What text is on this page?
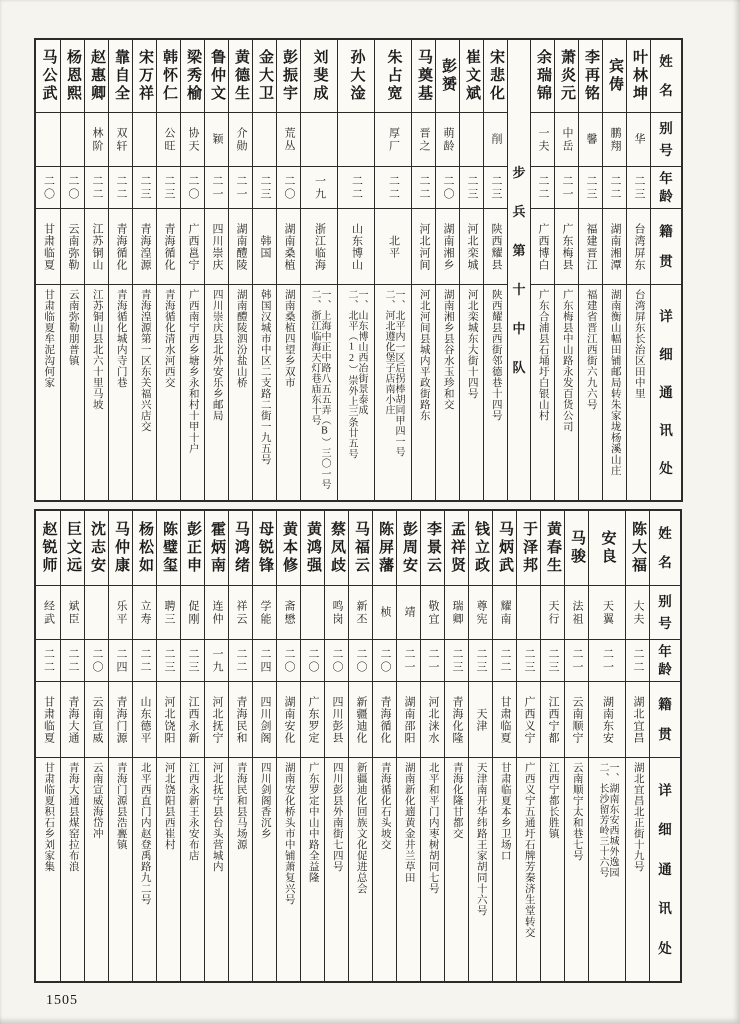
姓
名
别
号
年
龄
籍
贯
详
细
通
讯
处
叶林坤
华
二三
台湾屏东
台湾屏东长治区田中里
宾俦
鹏翔
二二
湖南湘潭
湖南衡山幅田铺邮局转朱家垅杨溪山庄
李再铭
馨
二三
福建晋江
福建省晋江西街六九六号
萧炎元
中岳
二一
广东梅县
广东梅县中山路永发百货公司
余瑞锦
一夫
二二
广西博白
广东合浦县石埇圩白银山村
步
兵
第
十
中
队
宋悲化
削
二三
陕西耀县
陕西耀县西街邻德巷十四号
崔文斌
二三
河北栾城
河北栾城东大街十四号
彭赟
萌龄
二〇
湖南湘乡
湖南湘乡县谷水玉珍和交
马奠基
晋之
二二
河北河间
河北河间县城内平政街路东
朱占宽
厚厂
二二
北平
一、北平内一区后拐棒胡同甲四一号
二、河北遵化堡子店南小庄
孙大淦
二二
山东博山
一、山东博山西冶街景泰成
二、北平（12）崇外上三条廿五号
刘斐成
一九
浙江临海
一、上海中正中路八五五弄（B）三〇一号
二、浙江临海天灯巷庙东十号
彭振宇
荒丛
二〇
湖南桑植
湖南桑植四望乡双市
金大卫
二三
韩国
韩国汉城市中区二支路二街一九五号
黄德生
介勋
二一
湖南醴陵
湖南醴陵泗汾盐山桥
鲁仲文
颖
二一
四川崇庆
四川崇庆县北外安乐乡邮局
梁秀榆
协天
二〇
广西邕宁
广西南宁西乡塘乡永和村十甲十户
韩怀仁
公旺
二三
青海循化
青海循化清水河西交
宋万祥
二三
青海湟源
青海湟源第一区东关福兴店交
靠自全
双轩
二二
青海循化
青海循化城内寺门巷
赵惠卿
林阶
二二
江苏铜山
江苏铜山县北六十里马坡
杨恩熙
二〇
云南弥勒
云南弥勒朋普镇
马公武
二〇
甘肃临夏
甘肃临夏牟泥沟何家
姓
名
别
号
年
龄
籍
贯
详
细
通
讯
处
陈大福
大夫
二二
湖北宜昌
湖北宜昌北正街十九号
安良
天翼
二一
湖南东安
一、湖南东安西城外逸园
二、长沙留芳岭三十六号
马骏
法祖
二一
云南顺宁
云南顺宁太和巷七号
黄春生
天行
二三
江西宁都
江西宁都长胜镇
于泽邦
二三
广西义宁
广西义宁五通圩石牌芳秦济生堂转交
马炳武
耀南
二二
甘肃临夏
甘肃临夏本乡卫场口
钱立政
尊宪
二三
天津
天津南开华纬路王家胡同十六号
孟祥贤
瑞卿
二三
青海化隆
青海化隆甘都交
李景云
敬宜
二一
河北涞水
北平和平门内枣树胡同七号
彭周安
靖
二一
湖南邵阳
湖南新化遖黄金井兰草田
陈屏藩
桢
二〇
青海循化
青海循化石头坡交
马福云
新丕
二〇
新疆迪化
新疆迪化回族文化促进总会
蔡凤歧
鸣岗
二〇
四川彭县
四川彭县外南街七四号
黄鸿强
二〇
广东罗定
广东罗定中山中路全益隆
黄本修
斋懋
二〇
湖南安化
湖南安化桥头市中铺萧复兴号
母锐锋
学能
二四
四川剑阁
四川剑阁香沉乡
马鸿绪
祥云
二二
青海民和
青海民和县马场源
霍炳南
连仲
一九
河北抚宁
河北抚宁县台头营城内
彭正申
促刚
二三
江西永新
江西永新王永安布店
陈璧玺
聘三
二三
河北饶阳
河北饶阳县西崔村
杨松如
立寿
二二
山东德平
北平西直门内赵登禹路九二号
马仲康
乐平
二四
青海门源
青海门源县浩亹镇
沈志安
二〇
云南宣威
云南宣威海岱冲
巨文远
斌臣
二二
青海大通
青海大通县煤窑拉布浪
赵锐师
经武
二二
甘肃临夏
甘肃临夏积石乡刘家集
1505
